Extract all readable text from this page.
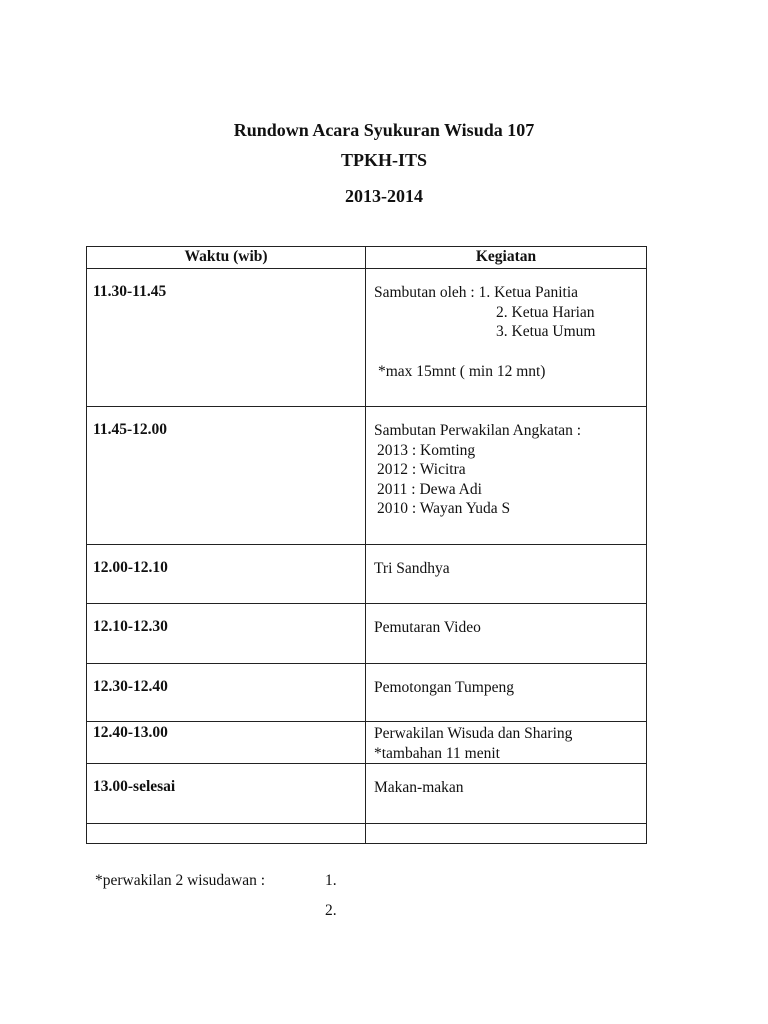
Rundown Acara Syukuran Wisuda 107
TPKH-ITS
2013-2014
Waktu (wib)	Kegiatan
11.30-11.45	Sambutan oleh : 1. Ketua Panitia
2. Ketua Harian
3. Ketua Umum
*max 15mnt ( min 12 mnt)

11.45-12.00	Sambutan Perwakilan Angkatan :
2013 : Komting
2012 : Wicitra
2011 : Dewa Adi
2010 : Wayan Yuda S

12.00-12.10	Tri Sandhya

12.10-12.30	Pemutaran Video

12.30-12.40	Pemotongan Tumpeng

12.40-13.00	Perwakilan Wisuda dan Sharing
*tambahan 11 menit

13.00-selesai	Makan-makan

*perwakilan 2 wisudawan :	1.
2.
